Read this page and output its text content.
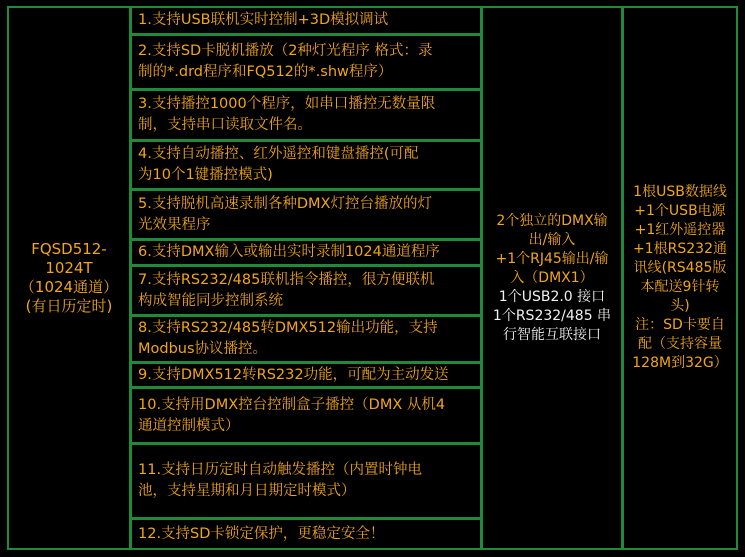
FQSD512-
1024T
（1024通道）
(有日历定时)
1.支持USB联机实时控制+3D模拟调试
2.支持SD卡脱机播放（2种灯光程序 格式：录
制的*.drd程序和FQ512的*.shw程序）
3.支持播控1000个程序，如串口播控无数量限
制，支持串口读取文件名。
4.支持自动播控、红外遥控和键盘播控(可配
为10个1键播控模式)
5.支持脱机高速录制各种DMX灯控台播放的灯
光效果程序
6.支持DMX输入或输出实时录制1024通道程序
7.支持RS232/485联机指令播控，很方便联机
构成智能同步控制系统
8.支持RS232/485转DMX512输出功能，支持
Modbus协议播控。
9.支持DMX512转RS232功能，可配为主动发送
10.支持用DMX控台控制盒子播控（DMX 从机4
通道控制模式）
11.支持日历定时自动触发播控（内置时钟电
池，支持星期和月日期定时模式）
12.支持SD卡锁定保护，更稳定安全！
2个独立的DMX输
出/输入
+1个RJ45输出/输
入（DMX1）
1个USB2.0 接口
1个RS232/485 串
行智能互联接口
1根USB数据线
+1个USB电源
+1红外遥控器
+1根RS232通
讯线(RS485版
本配送9针转
头)
注：SD卡要自
配（支持容量
128M到32G）
